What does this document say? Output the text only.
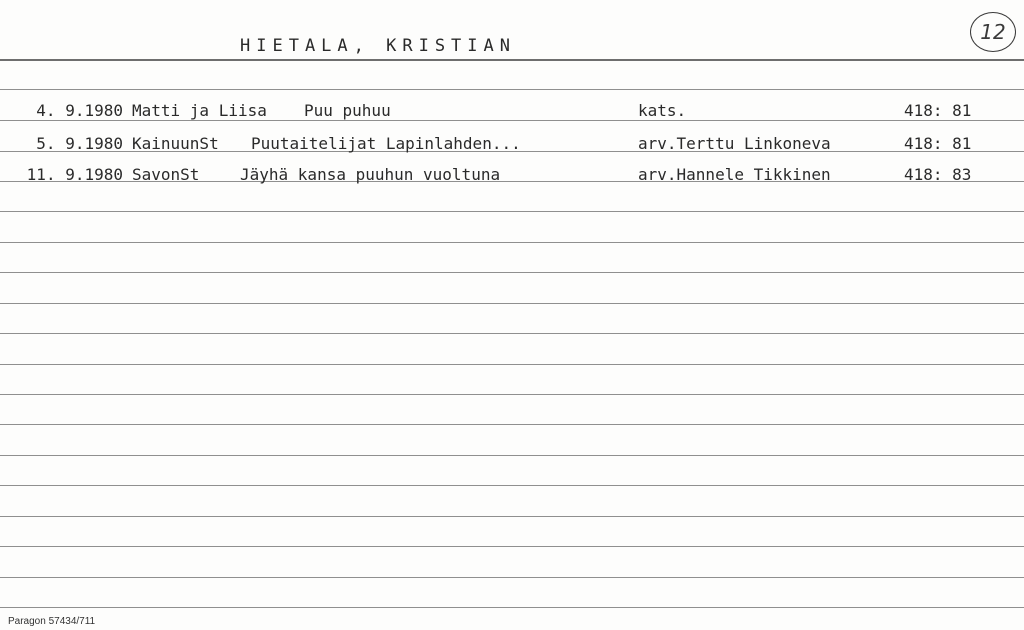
HIETALA, KRISTIAN
12
4. 9.1980 Matti ja Liisa Puu puhuu	kats.	418: 81
5. 9.1980 KainuunSt Puutaitelijat Lapinlahden...	arv.Terttu Linkoneva	418: 81
11. 9.1980 SavonSt	Jäyhä kansa puuhun vuoltuna	arv.Hannele Tikkinen	418: 83
Paragon 57434/711
